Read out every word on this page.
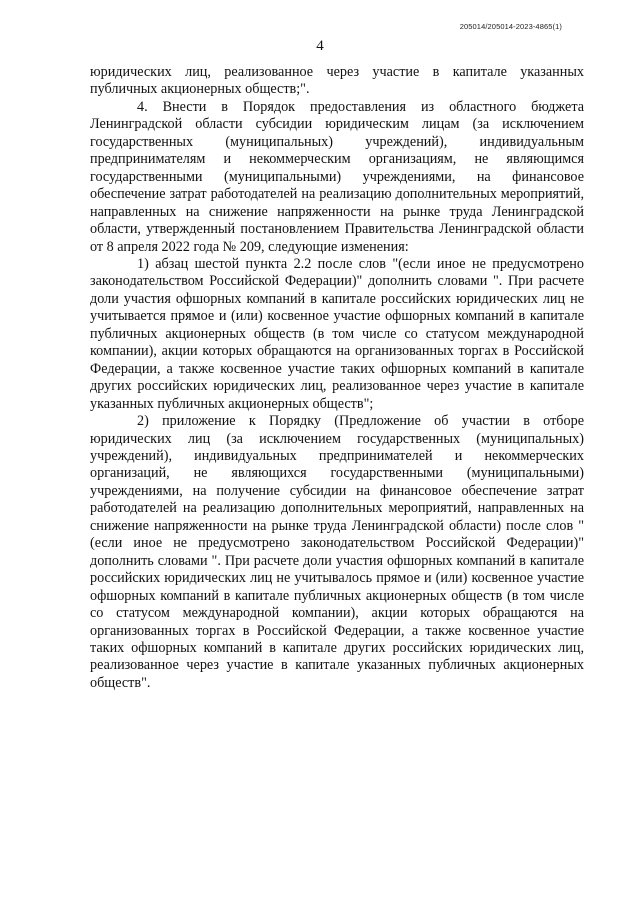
205014/205014-2023-4865(1)
4

юридических лиц, реализованное через участие в капитале указанных публичных акционерных обществ;".

4. Внести в Порядок предоставления из областного бюджета Ленинградской области субсидии юридическим лицам (за исключением государственных (муниципальных) учреждений), индивидуальным предпринимателям и некоммерческим организациям, не являющимся государственными (муниципальными) учреждениями, на финансовое обеспечение затрат работодателей на реализацию дополнительных мероприятий, направленных на снижение напряженности на рынке труда Ленинградской области, утвержденный постановлением Правительства Ленинградской области от 8 апреля 2022 года № 209, следующие изменения:

1) абзац шестой пункта 2.2 после слов "(если иное не предусмотрено законодательством Российской Федерации)" дополнить словами ". При расчете доли участия офшорных компаний в капитале российских юридических лиц не учитывается прямое и (или) косвенное участие офшорных компаний в капитале публичных акционерных обществ (в том числе со статусом международной компании), акции которых обращаются на организованных торгах в Российской Федерации, а также косвенное участие таких офшорных компаний в капитале других российских юридических лиц, реализованное через участие в капитале указанных публичных акционерных обществ";

2) приложение к Порядку (Предложение об участии в отборе юридических лиц (за исключением государственных (муниципальных) учреждений), индивидуальных предпринимателей и некоммерческих организаций, не являющихся государственными (муниципальными) учреждениями, на получение субсидии на финансовое обеспечение затрат работодателей на реализацию дополнительных мероприятий, направленных на снижение напряженности на рынке труда Ленинградской области) после слов "(если иное не предусмотрено законодательством Российской Федерации)" дополнить словами ". При расчете доли участия офшорных компаний в капитале российских юридических лиц не учитывалось прямое и (или) косвенное участие офшорных компаний в капитале публичных акционерных обществ (в том числе со статусом международной компании), акции которых обращаются на организованных торгах в Российской Федерации, а также косвенное участие таких офшорных компаний в капитале других российских юридических лиц, реализованное через участие в капитале указанных публичных акционерных обществ".
